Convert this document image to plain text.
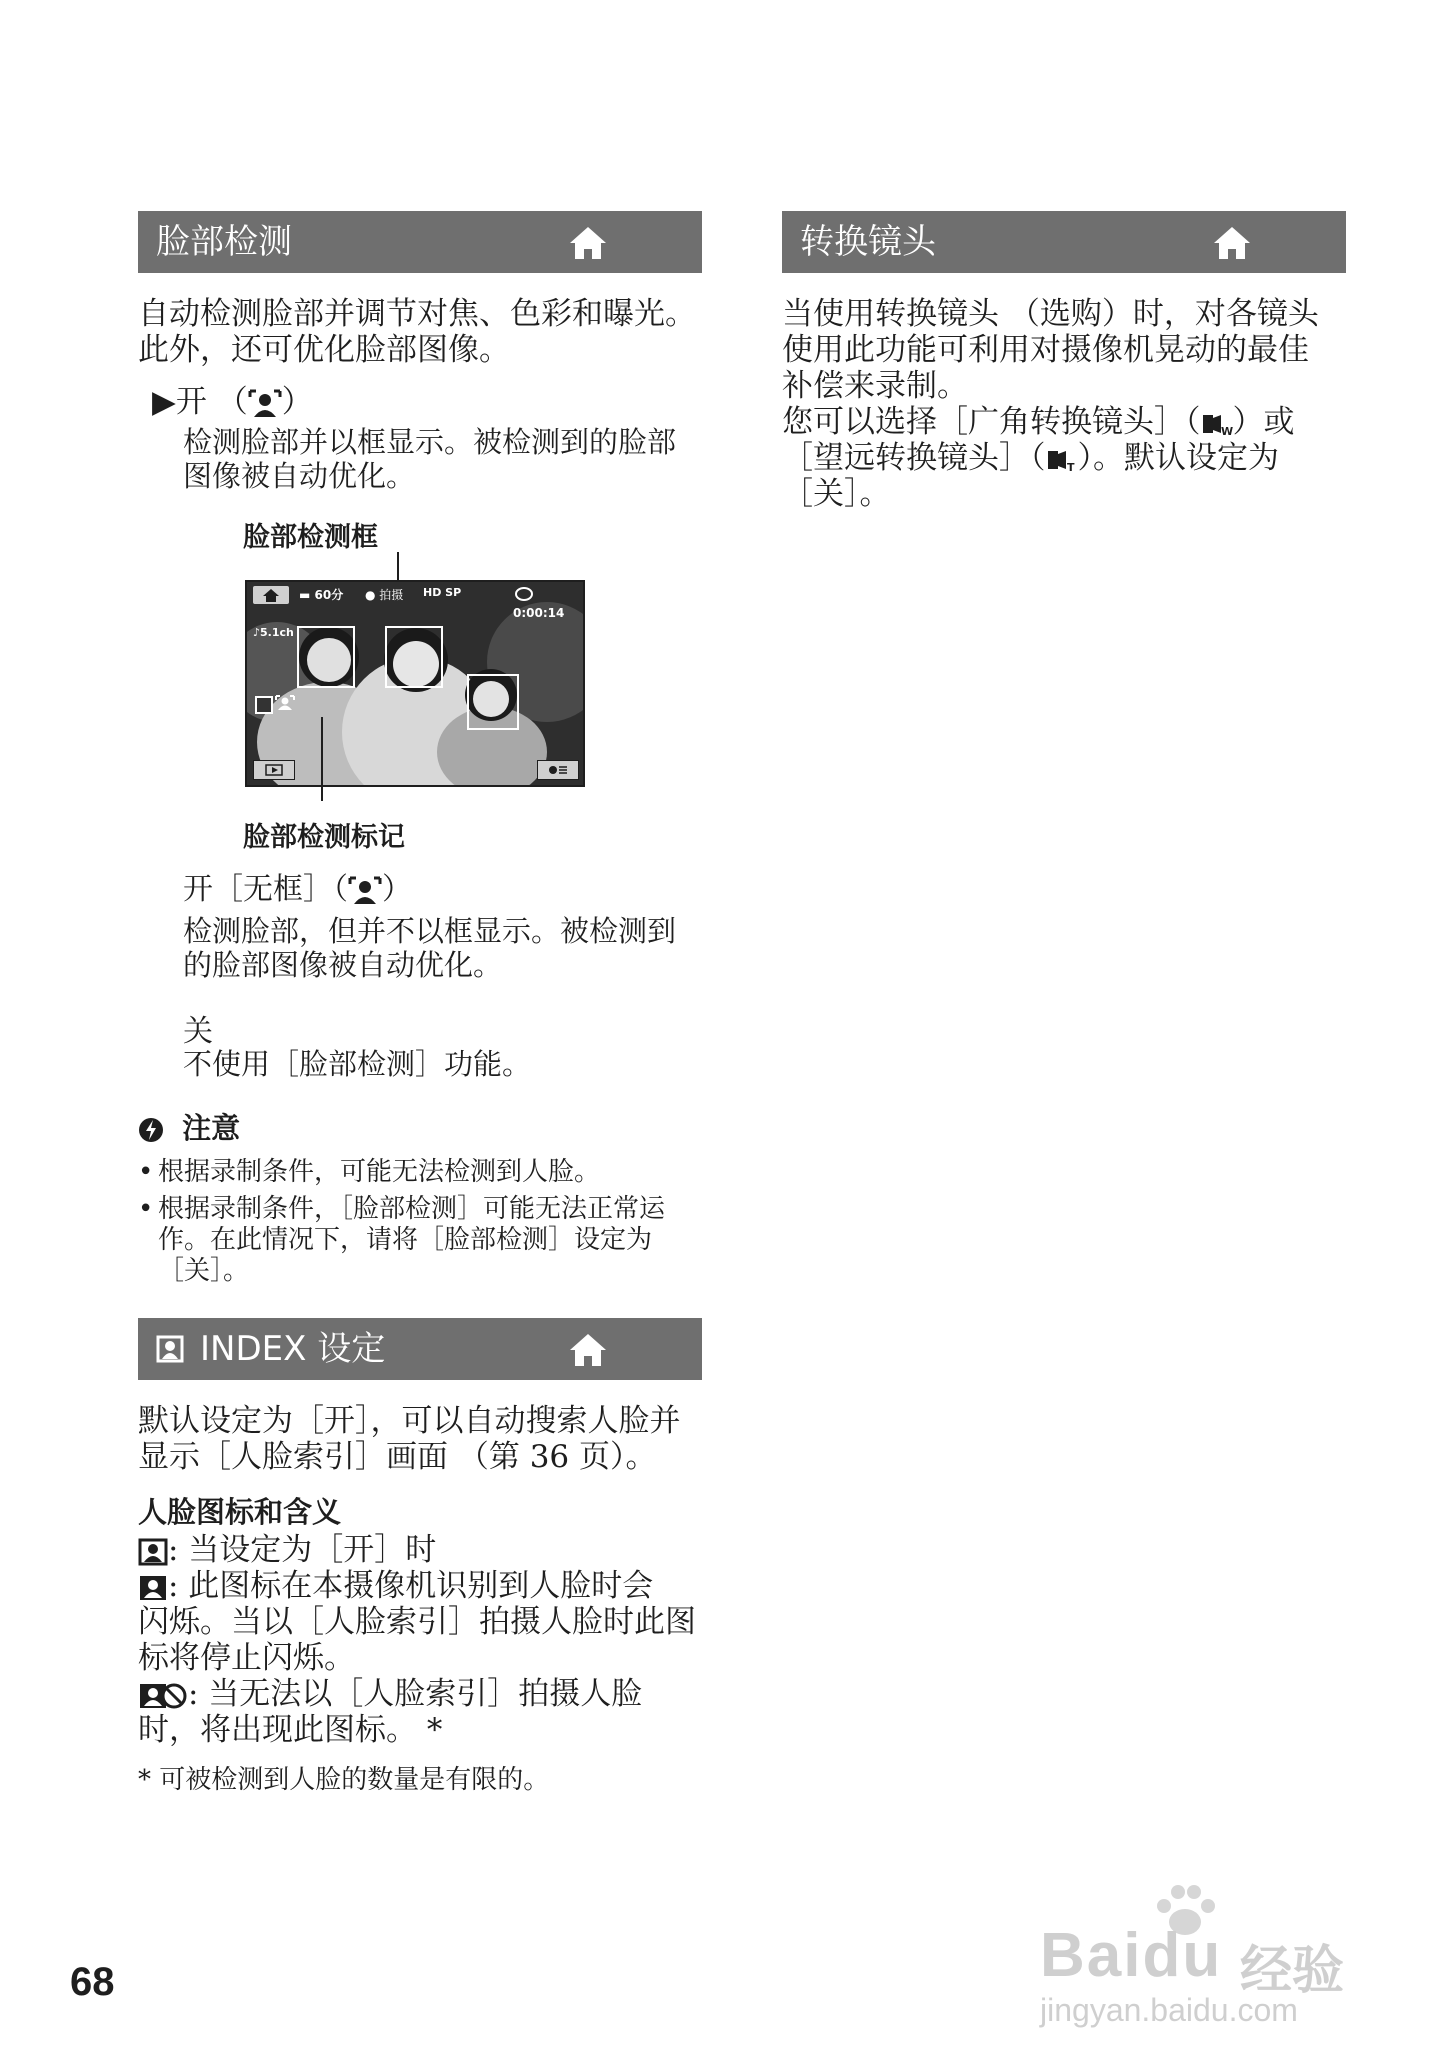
脸部检测

自动检测脸部并调节对焦、色彩和曝光。

此外，还可优化脸部图像。

▶开 （ ）

检测脸部并以框显示。被检测到的脸部

图像被自动优化。

脸部检测框
▬ 60分 ● 拍摄 HD SP
0:00:14
♪5.1ch
脸部检测标记
开［无框］（ ）

检测脸部，但并不以框显示。被检测到

的脸部图像被自动优化。

关
不使用［脸部检测］功能。
注意
• 根据录制条件，可能无法检测到人脸。

• 根据录制条件，［脸部检测］可能无法正常运

作。在此情况下，请将［脸部检测］设定为

［关］。

INDEX 设定

默认设定为［开］，可以自动搜索人脸并

显示［人脸索引］画面 （第 36 页）。

人脸图标和含义

: 当设定为［开］时

: 此图标在本摄像机识别到人脸时会

闪烁。当以［人脸索引］拍摄人脸时此图

标将停止闪烁。

: 当无法以［人脸索引］拍摄人脸

时，将出现此图标。 *

* 可被检测到人脸的数量是有限的。
转换镜头

当使用转换镜头 （选购）时，对各镜头

使用此功能可利用对摄像机晃动的最佳

补偿来录制。

您可以选择［广角转换镜头］（ W ）或

［望远转换镜头］（ T ）。默认设定为

［关］。

68	Baidu 经验
jingyan.baidu.com
